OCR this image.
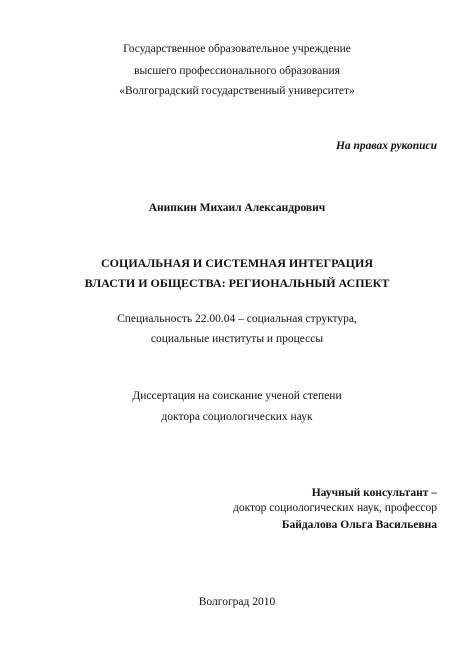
Государственное образовательное учреждение
высшего профессионального образования
«Волгоградский государственный университет»
На правах рукописи
Анипкин Михаил Александрович
СОЦИАЛЬНАЯ И СИСТЕМНАЯ ИНТЕГРАЦИЯ
ВЛАСТИ И ОБЩЕСТВА: РЕГИОНАЛЬНЫЙ АСПЕКТ
Специальность 22.00.04 – социальная структура,
социальные институты и процессы
Диссертация на соискание ученой степени
доктора социологических наук
Научный консультант –
доктор социологических наук, профессор
Байдалова Ольга Васильевна
Волгоград 2010
